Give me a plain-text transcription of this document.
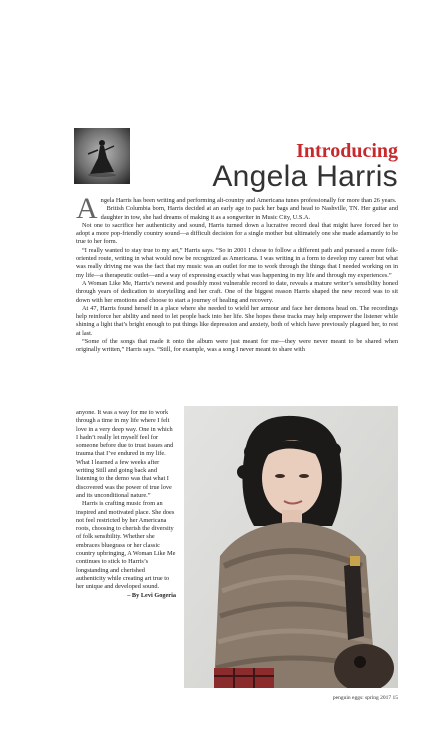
Introducing
Angela Harris

Angela Harris has been writing and performing alt-country and Americana tunes professionally for more than 26 years.

British Columbia born, Harris decided at an early age to pack her bags and head to Nashville, TN. Her guitar and daughter in tow, she had dreams of making it as a songwriter in Music City, U.S.A.

Not one to sacrifice her authenticity and sound, Harris turned down a lucrative record deal that might have forced her to adopt a more pop-friendly country sound—a difficult decision for a single mother but ultimately one she made adamantly to be true to her form.

“I really wanted to stay true to my art,” Harris says. “So in 2001 I chose to follow a different path and pursued a more folk-oriented route, writing in what would now be recognized as Americana. I was writing in a form to develop my career but what was really driving me was the fact that my music was an outlet for me to work through the things that I needed working on in my life—a therapeutic outlet—and a way of expressing exactly what was happening in my life and through my experiences.”

A Woman Like Me, Harris’s newest and possibly most vulnerable record to date, reveals a mature writer’s sensibility honed through years of dedication to storytelling and her craft. One of the biggest reason Harris shaped the new record was to sit down with her emotions and choose to start a journey of healing and recovery.

At 47, Harris found herself in a place where she needed to wield her armour and face her demons head on. The recordings help reinforce her ability and need to let people back into her life. She hopes these tracks may help empower the listener while shining a light that’s bright enough to put things like depression and anxiety, both of which have previously plagued her, to rest at last.

“Some of the songs that made it onto the album were just meant for me—they were never meant to be shared when originally written,” Harris says. “Still, for example, was a song I never meant to share with

anyone. It was a way for me to work through a time in my life where I felt love in a very deep way. One in which I hadn’t really let myself feel for someone before due to trust issues and trauma that I’ve endured in my life. What I learned a few weeks after writing Still and going back and listening to the demo was that what I discovered was the power of true love and its unconditional nature.”

Harris is crafting music from an inspired and motivated place. She does not feel restricted by her Americana roots, choosing to cherish the diversity of folk sensibility. Whether she embraces bluegrass or her classic country upbringing, A Woman Like Me continues to stick to Harris’s longstanding and cherished authenticity while creating art true to her unique and developed sound.

– By Levi Gogeria

penguin eggs: spring 2017 15
